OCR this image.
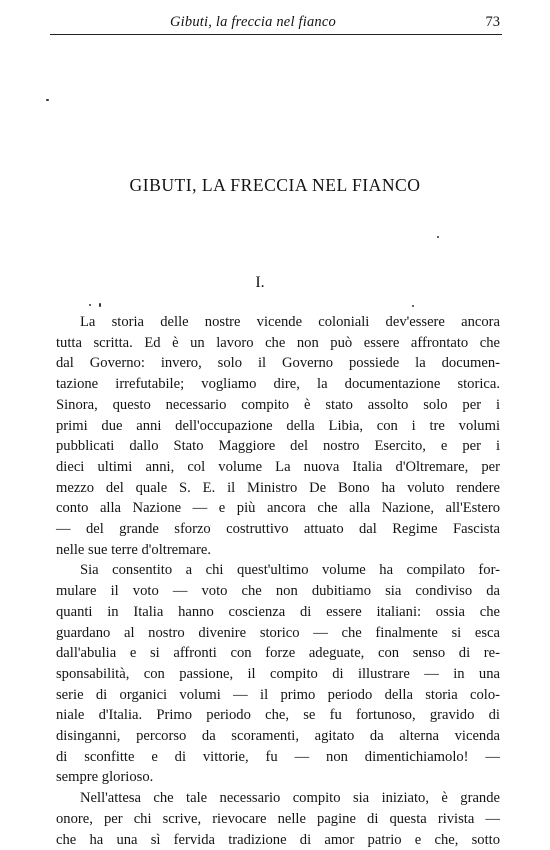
Gibuti, la freccia nel fianco	73
GIBUTI, LA FRECCIA NEL FIANCO
I.

La storia delle nostre vicende coloniali dev'essere ancora
tutta scritta. Ed è un lavoro che non può essere affrontato che
dal Governo: invero, solo il Governo possiede la documen-
tazione irrefutabile; vogliamo dire, la documentazione storica.
Sinora, questo necessario compito è stato assolto solo per i
primi due anni dell'occupazione della Libia, con i tre volumi
pubblicati dallo Stato Maggiore del nostro Esercito, e per i
dieci ultimi anni, col volume La nuova Italia d'Oltremare, per
mezzo del quale S. E. il Ministro De Bono ha voluto rendere
conto alla Nazione — e più ancora che alla Nazione, all'Estero
— del grande sforzo costruttivo attuato dal Regime Fascista
nelle sue terre d'oltremare.

Sia consentito a chi quest'ultimo volume ha compilato for-
mulare il voto — voto che non dubitiamo sia condiviso da
quanti in Italia hanno coscienza di essere italiani: ossia che
guardano al nostro divenire storico — che finalmente si esca
dall'abulia e si affronti con forze adeguate, con senso di re-
sponsabilità, con passione, il compito di illustrare — in una
serie di organici volumi — il primo periodo della storia colo-
niale d'Italia. Primo periodo che, se fu fortunoso, gravido di
disinganni, percorso da scoramenti, agitato da alterna vicenda
di sconfitte e di vittorie, fu — non dimentichiamolo! —
sempre glorioso.

Nell'attesa che tale necessario compito sia iniziato, è grande
onore, per chi scrive, rievocare nelle pagine di questa rivista —
che ha una sì fervida tradizione di amor patrio e che, sotto
